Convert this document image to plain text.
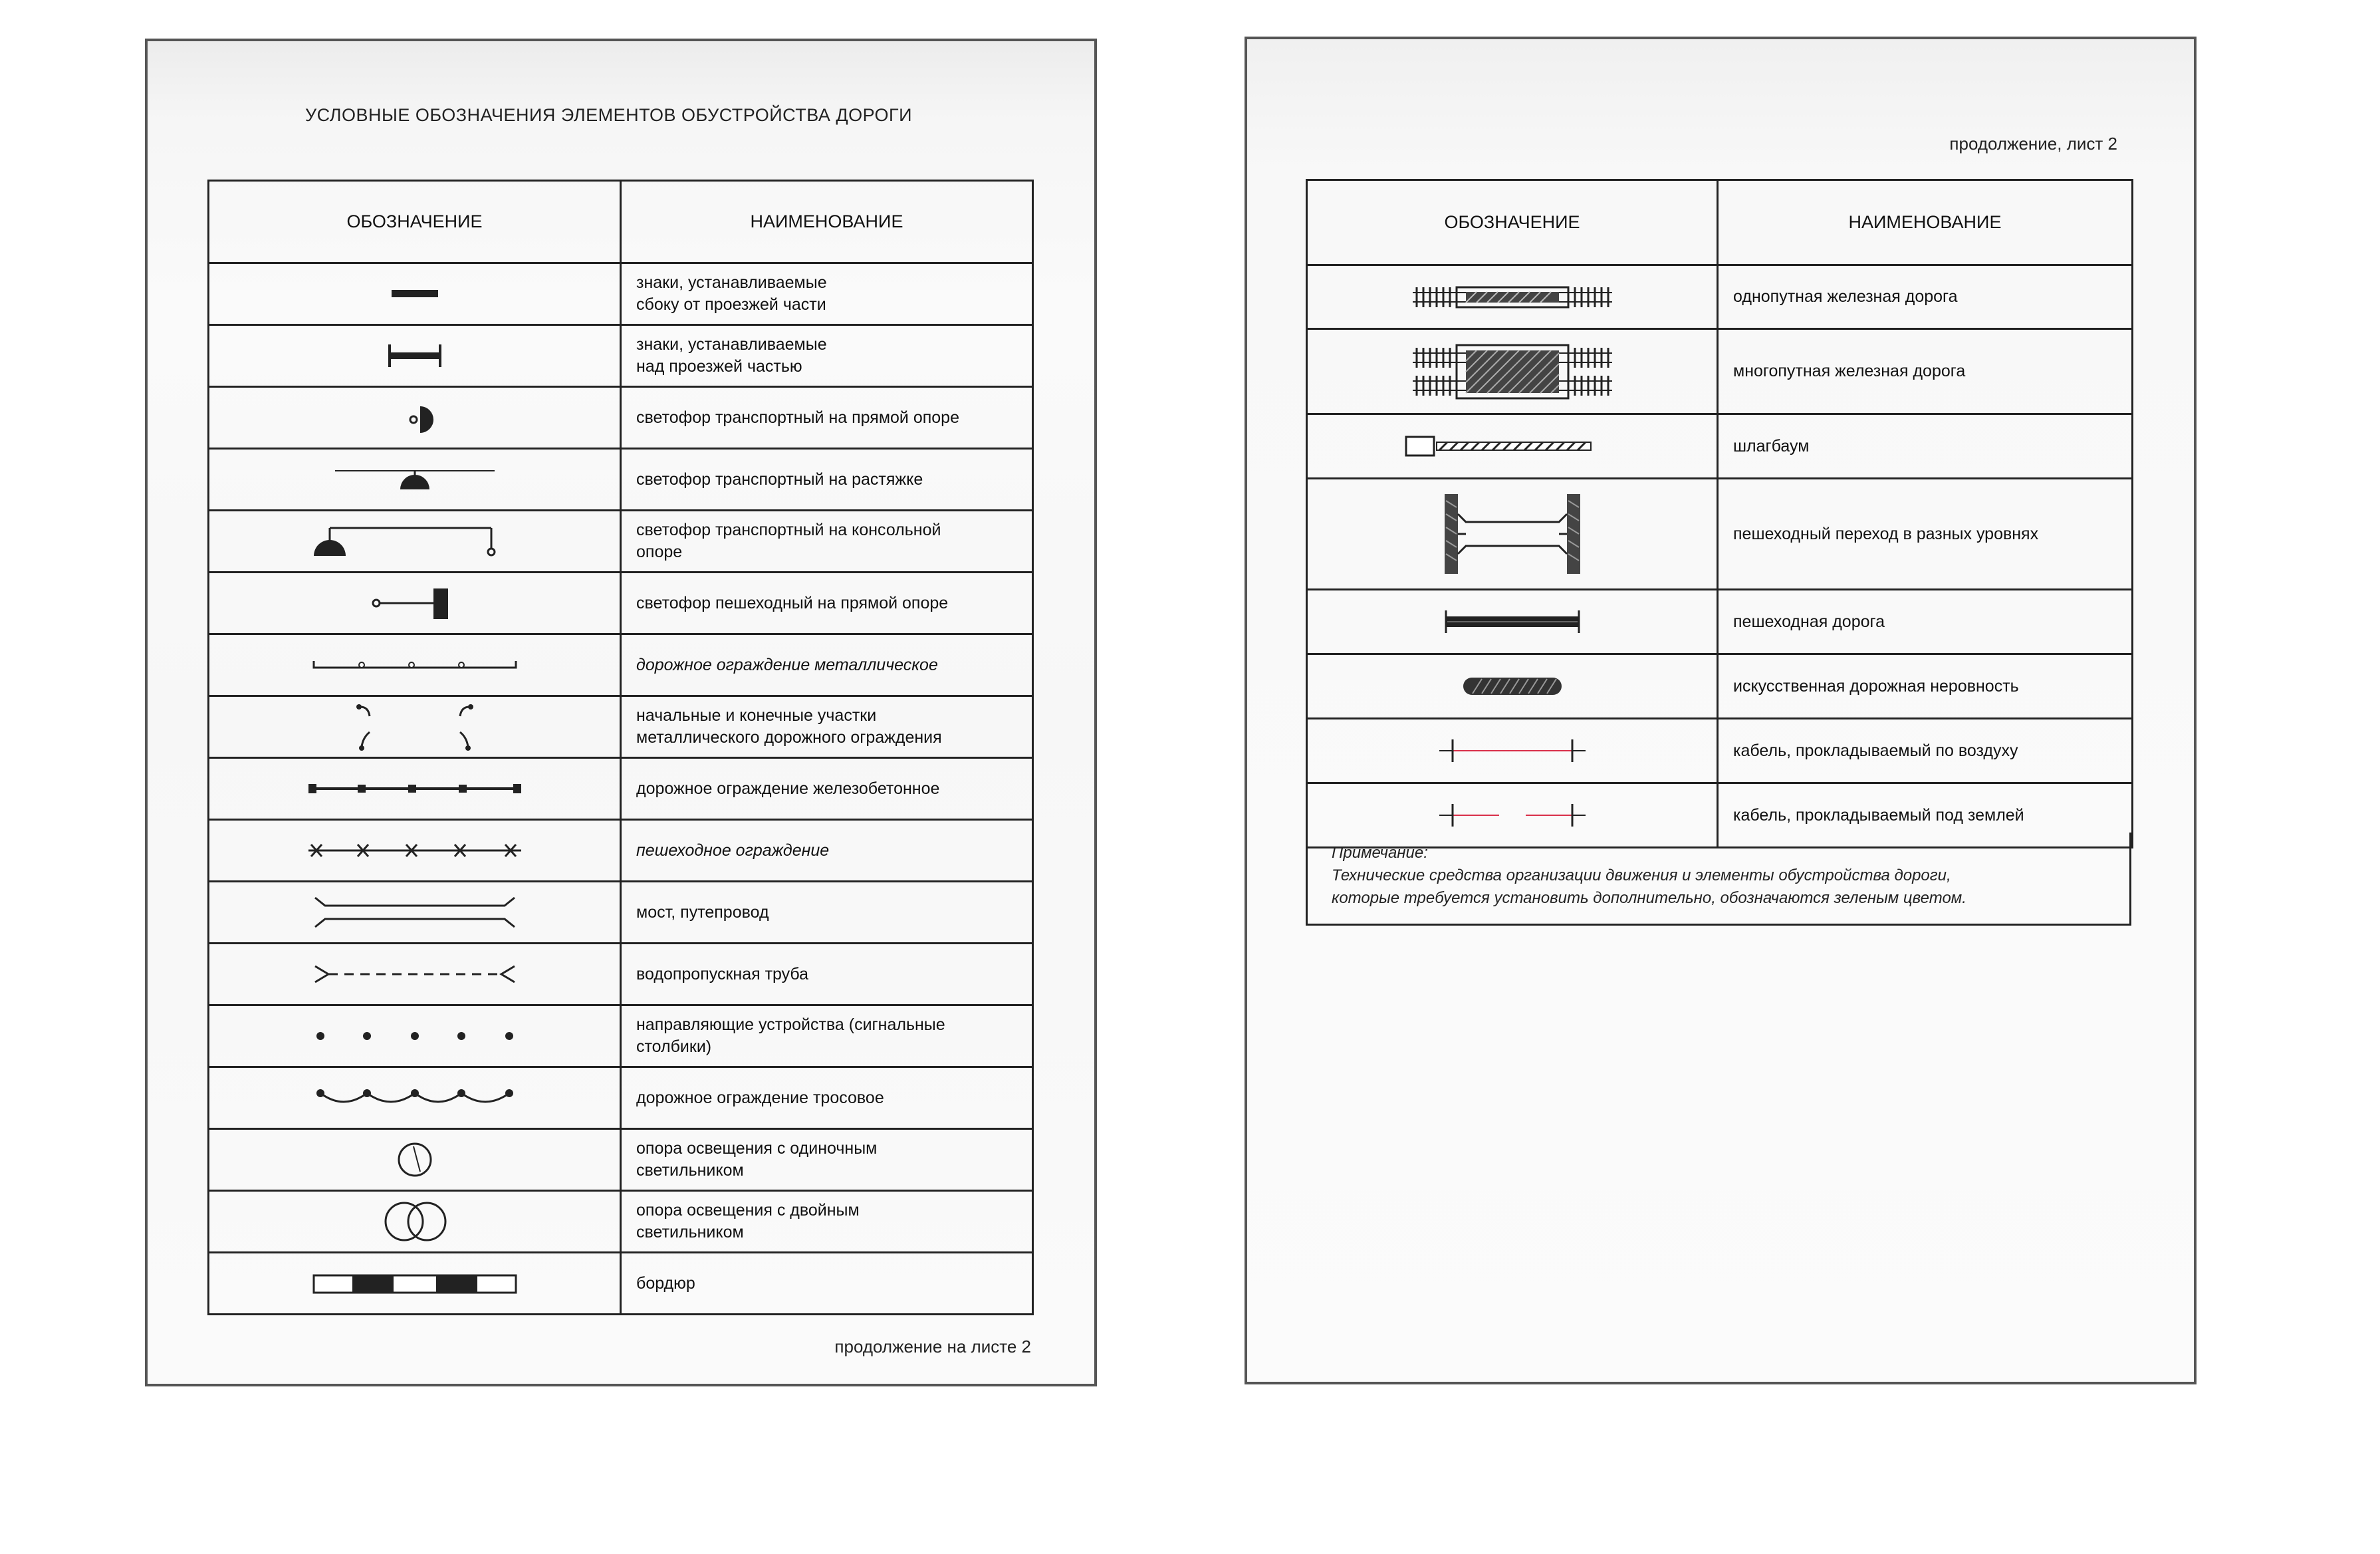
УСЛОВНЫЕ ОБОЗНАЧЕНИЯ ЭЛЕМЕНТОВ ОБУСТРОЙСТВА ДОРОГИ
ОБОЗНАЧЕНИЕ	НАИМЕНОВАНИЕ

знаки, устанавливаемые
сбоку от проезжей части

знаки, устанавливаемые
над проезжей частью

светофор транспортный на прямой опоре

светофор транспортный на растяжке

светофор транспортный на консольной
опоре

светофор пешеходный на прямой опоре

дорожное ограждение металлическое

начальные и конечные участки
металлического дорожного ограждения

дорожное ограждение железобетонное

пешеходное ограждение

мост, путепровод

водопропускная труба

направляющие устройства (сигнальные
столбики)

дорожное ограждение тросовое

опора освещения с одиночным
светильником

опора освещения с двойным
светильником

бордюр
продолжение на листе 2
продолжение, лист 2
ОБОЗНАЧЕНИЕ	НАИМЕНОВАНИЕ

однопутная железная дорога

многопутная железная дорога

шлагбаум

пешеходный переход в разных уровнях

пешеходная дорога

искусственная дорожная неровность

кабель, прокладываемый по воздуху

кабель, прокладываемый под землей
Примечание:
Технические средства организации движения и элементы обустройства дороги,
которые требуется установить дополнительно, обозначаются зеленым цветом.
